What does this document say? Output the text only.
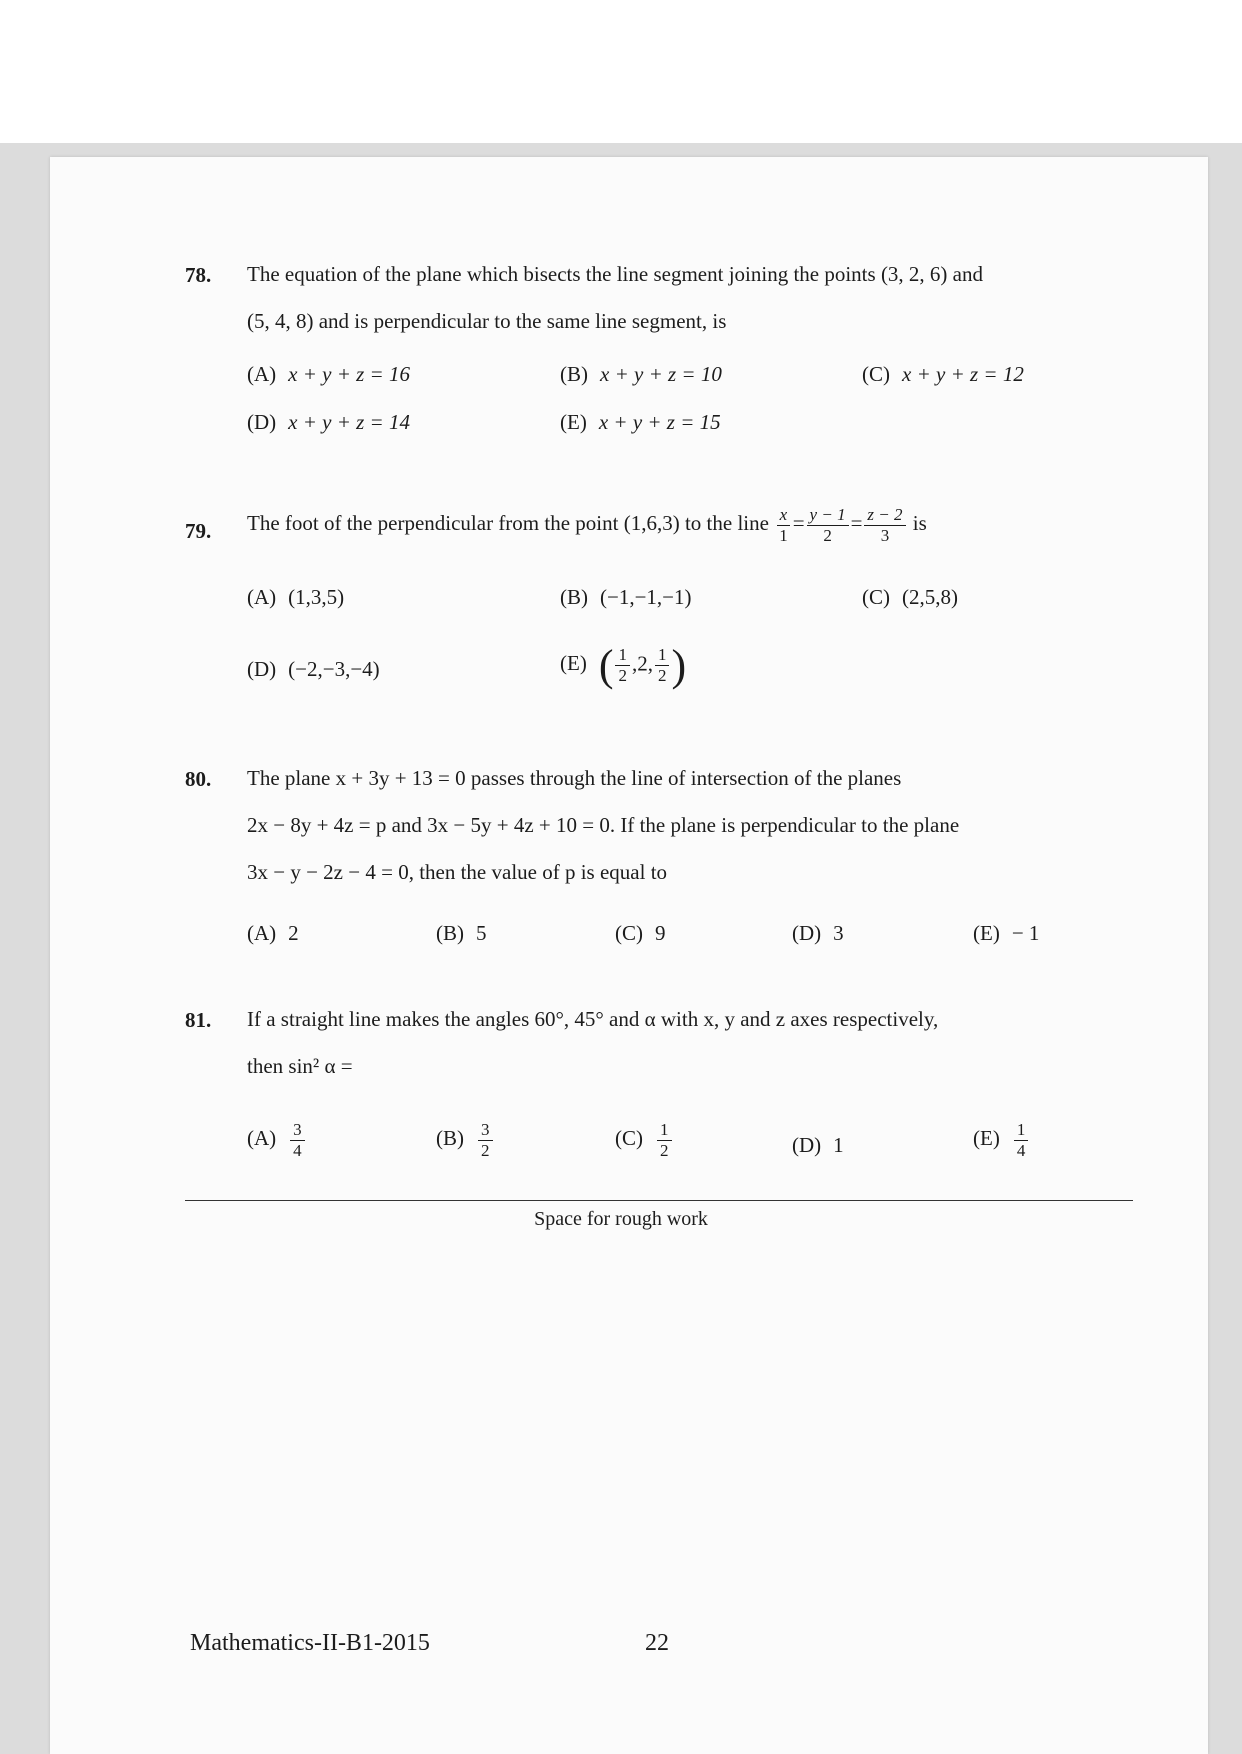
78. The equation of the plane which bisects the line segment joining the points (3, 2, 6) and
(5, 4, 8) and is perpendicular to the same line segment, is
(A) x + y + z = 16	(B) x + y + z = 10	(C) x + y + z = 12
(D) x + y + z = 14	(E) x + y + z = 15
79. The foot of the perpendicular from the point (1,6,3) to the line $\frac{x}{1} = \frac{y - 1}{2} = \frac{z - 2}{3}$ is
(A) (1,3,5)	(B) (−1,−1,−1)	(C) (2,5,8)
(D) (−2,−3,−4)	(E) ( $\frac{1}{2} ,2$, $\frac{1}{2}$ )
80. The plane x + 3y + 13 = 0 passes through the line of intersection of the planes
2x − 8y + 4z = p and 3x − 5y + 4z + 10 = 0. If the plane is perpendicular to the plane
3x − y − 2z − 4 = 0, then the value of p is equal to
(A) 2	(B) 5	(C) 9	(D) 3	(E) − 1
81. If a straight line makes the angles 60°, 45° and α with x, y and z axes respectively,
then sin² α =
$(A) \frac{3}{4}$	$(B) \frac{3}{2}$	$(C) \frac{1}{2}$	(D) 1	$(E) \frac{1}{4}$
Space for rough work
Mathematics-II-B1-2015	22
